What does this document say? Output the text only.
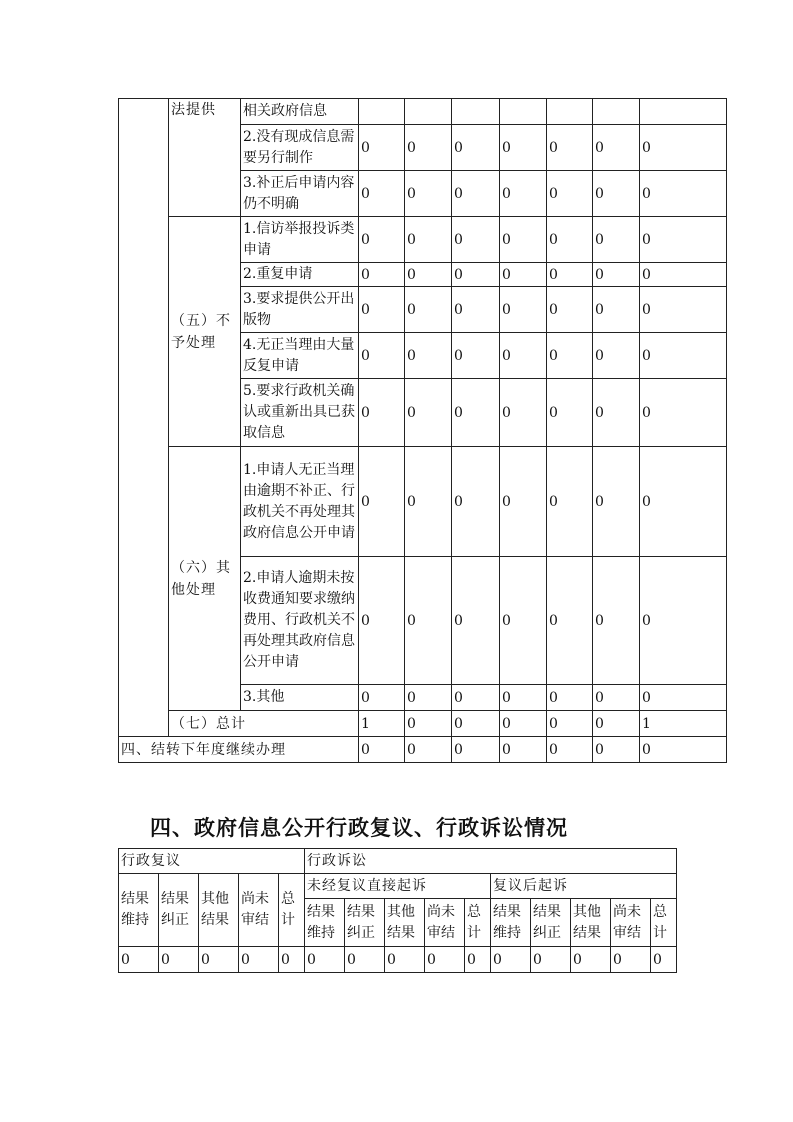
	法提供	相关政府信息							
		2.没有现成信息需要另行制作	0	0	0	0	0	0	0
		3.补正后申请内容仍不明确	0	0	0	0	0	0	0
	（五）不予处理	1.信访举报投诉类申请	0	0	0	0	0	0	0
		2.重复申请	0	0	0	0	0	0	0
		3.要求提供公开出版物	0	0	0	0	0	0	0
		4.无正当理由大量反复申请	0	0	0	0	0	0	0
		5.要求行政机关确认或重新出具已获取信息	0	0	0	0	0	0	0
	（六）其他处理	1.申请人无正当理由逾期不补正、行政机关不再处理其政府信息公开申请	0	0	0	0	0	0	0
		2.申请人逾期未按收费通知要求缴纳费用、行政机关不再处理其政府信息公开申请	0	0	0	0	0	0	0
		3.其他	0	0	0	0	0	0	0
	（七）总计		1	0	0	0	0	0	1
四、结转下年度继续办理			0	0	0	0	0	0	0
四、政府信息公开行政复议、行政诉讼情况
行政复议					行政诉讼									
结果维持	结果纠正	其他结果	尚未审结	总计	未经复议直接起诉					复议后起诉				
					结果维持	结果纠正	其他结果	尚未审结	总计	结果维持	结果纠正	其他结果	尚未审结	总计
0	0	0	0	0	0	0	0	0	0	0	0	0	0	0
